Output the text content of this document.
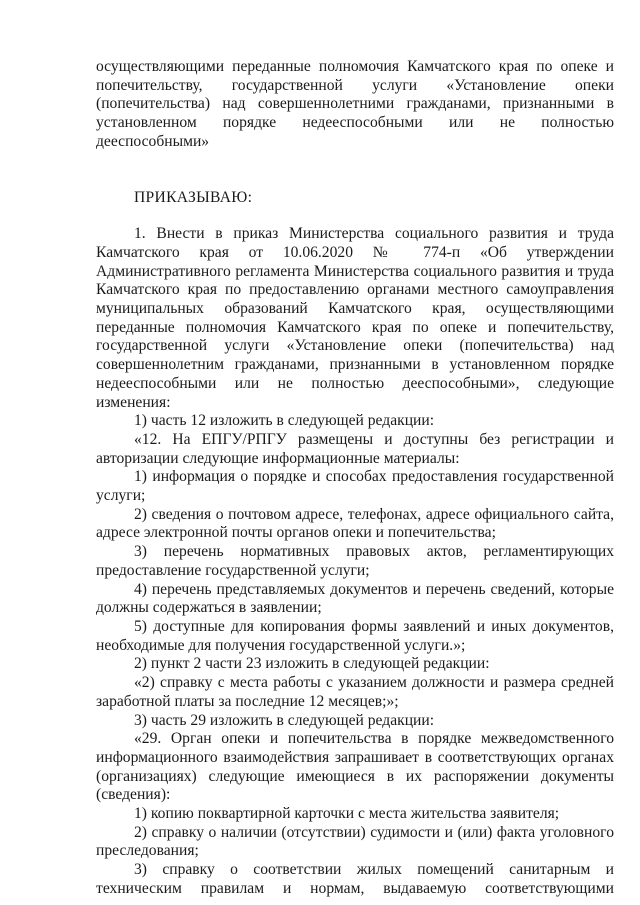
осуществляющими переданные полномочия Камчатского края по опеке и попечительству, государственной услуги «Установление опеки (попечительства) над совершеннолетними гражданами, признанными в установленном порядке недееспособными или не полностью дееспособными»

ПРИКАЗЫВАЮ:

1. Внести в приказ Министерства социального развития и труда Камчатского края от 10.06.2020 № 774-п «Об утверждении Административного регламента Министерства социального развития и труда Камчатского края по предоставлению органами местного самоуправления муниципальных образований Камчатского края, осуществляющими переданные полномочия Камчатского края по опеке и попечительству, государственной услуги «Установление опеки (попечительства) над совершеннолетним гражданами, признанными в установленном порядке недееспособными или не полностью дееспособными», следующие изменения:

1) часть 12 изложить в следующей редакции:

«12. На ЕПГУ/РПГУ размещены и доступны без регистрации и авторизации следующие информационные материалы:

1) информация о порядке и способах предоставления государственной услуги;

2) сведения о почтовом адресе, телефонах, адресе официального сайта, адресе электронной почты органов опеки и попечительства;

3) перечень нормативных правовых актов, регламентирующих предоставление государственной услуги;

4) перечень представляемых документов и перечень сведений, которые должны содержаться в заявлении;

5) доступные для копирования формы заявлений и иных документов, необходимые для получения государственной услуги.»;

2) пункт 2 части 23 изложить в следующей редакции:

«2) справку с места работы с указанием должности и размера средней заработной платы за последние 12 месяцев;»;

3) часть 29 изложить в следующей редакции:

«29. Орган опеки и попечительства в порядке межведомственного информационного взаимодействия запрашивает в соответствующих органах (организациях) следующие имеющиеся в их распоряжении документы (сведения):

1) копию поквартирной карточки с места жительства заявителя;

2) справку о наличии (отсутствии) судимости и (или) факта уголовного преследования;

3) справку о соответствии жилых помещений санитарным и техническим правилам и нормам, выдаваемую соответствующими
